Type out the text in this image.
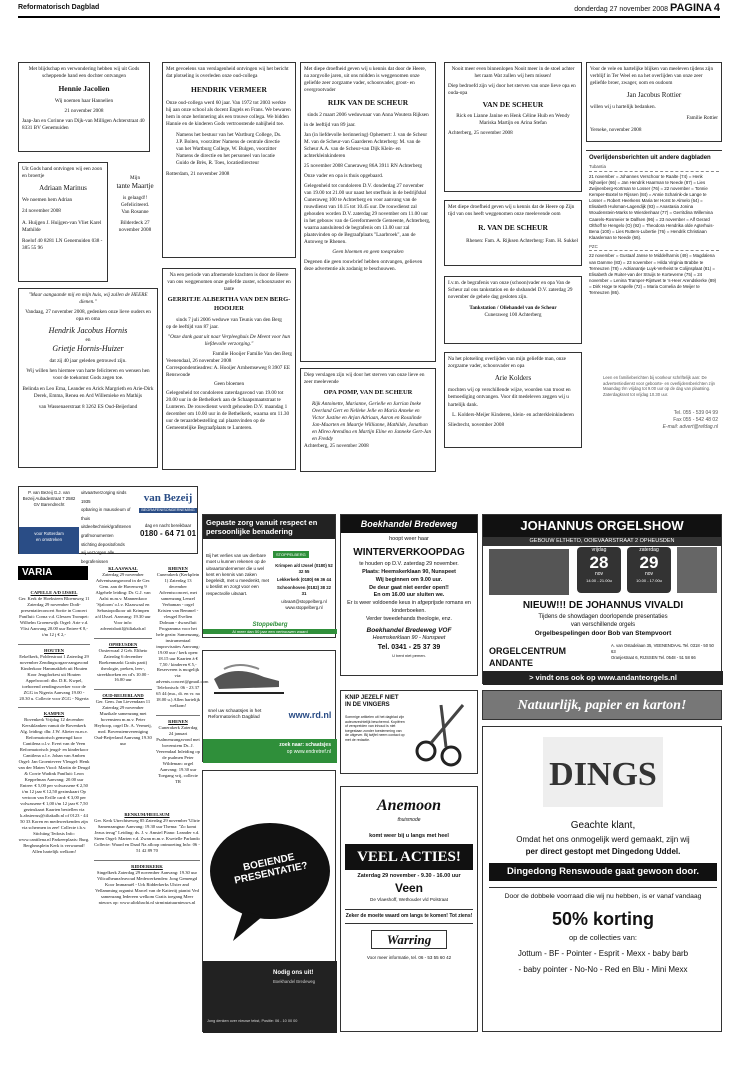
Reformatorisch Dagblad	donderdag 27 november 2008 PAGINA 4
Met blijdschap en verwondering hebben wij uit Gods scheppende hand een dochter ontvangen
Hennie Jacolien
Wij noemen haar Hannelien
21 november 2008
Jaap-Jan en Corinne van Dijk-van Milligen Achterstraat 40 8331 BV Genemuiden
Uit Gods hand ontvingen wij een zoon en broertje
Adriaan Marinus
We noemen hem Adrian
24 november 2008
A. Huijgen J. Huijgen-van Vliet Karel Mathilde
Roelof 40 8281 LN Genemuiden 038 - 385 55 96
Mijn
tante Maartje
is gelaagd!!
Gefeliciteerd.
Van Rosanne
Bilderdeck 27 november 2008
"Maar aangaande mij en mijn huis, wij zullen de HEERE dienen."
Vandaag, 27 november 2008, gedenken onze lieve ouders en opa en oma
Hendrik Jacobus Hornis
en
Grietje Hornis-Huizer
dat zij 40 jaar geleden getrouwd zijn.
Wij willen hen hiermee van harte feliciteren en wensen hen voor de toekomst Gods zegen toe.
Belinda en Leo Erna, Leander en Arick Margrieth en Arie-Dirk Derek, Emma, Renea en Ard Willemieke en Mathijs
van Wassenaerstraat 8 3262 ES Oud-Beijerland
Met gevoelens van verslagenheid ontvingen wij het bericht dat plotseling is overleden onze oud-collega
HENDRIK VERMEER
Onze oud-collega werd 60 jaar. Van 1972 tot 2003 werkte hij aan onze school als docent Engels en Frans. We bewaren hem in onze herinnering als een trouwe collega. We bidden Hannie en de kinderen Gods vertroostende nabijheid toe.
Namens het bestuur van het Wartburg College, Ds. J.P. Boiten, voorzitter Namens de centrale directie van het Wartburg College, W. Bulgen, voorzitter Namens de directie en het personeel van locatie Guido de Brès, R. Toes, locatiedirecteur
Rotterdam, 21 november 2008
Na een periode van afnemende krachten is door de Heere van ons weggenomen onze geliefde zuster, schoonzuster en tante
GERRITJE ALBERTHA VAN DEN BERG-HOOIJER
sinds 7 juli 2006 weduwe van Teunis van den Berg
op de leeftijd van 87 jaar.
"Onze dank gaat uit naar Verpleeghuis De Meent voor hun liefdevolle verzorging."
Familie Hooijer Familie Van den Berg
Veenendaal, 26 november 2008
Correspondentieadres: A. Hooijer Arnhemseweg 8 3907 EE Renswoude
Geen bloemen
Gelegenheid tot condoleren zaterdagavond van 19.00 tot 20.00 uur in de Bethelkerk aan de Schaapsmaatstraat te Lunteren. De rouwdienst wordt gehouden D.V. maandag 1 december om 10.00 uur in de Bethelkerk, waarna om 11.30 uur de teraardebestelling zal plaatsvinden op de Gemeentelijke Begraafplaats te Lunteren.
Met diepe droefheid geven wij u kennis dat door de Heere, na zorgvolle jaren, uit ons midden is weggenomen onze geliefde zeer zorgzame vader, schoonvader, groot- en overgrootvader
RIJK VAN DE SCHEUR
sinds 2 maart 2006 weduwnaar van Anna Woutera Rijksen
in de leeftijd van 89 jaar.
Jan (in liefdevolle herinnering) Ophemert: J. van de Scheur M. van de Scheur-van Gaarderen Achterberg: M. van de Scheur A.A. van de Scheur-van Dijk Klein- en achterkleinkinderen
25 november 2008 Cuneraweg 86A 3911 RN Achterberg
Onze vader en opa is thuis opgebaard.
Gelegenheid tot condoleren D.V. donderdag 27 november van 19.00 tot 21.00 uur naast het sterfhuis in de bedrijfshal Cuneraweg 100 te Achterberg en voor aanvang van de rouwdienst van 10.15 tot 10.45 uur. De rouwdienst zal gehouden worden D.V. zaterdag 29 november om 11.00 uur in het gebouw van de Gereformeerde Gemeente, Achterberg, waarna aansluitend de begrafenis om 13.00 uur zal plaatsvinden op de Begraafplaats "Laarbroek", aan de Autoweg te Rhenen.
Geen bloemen en geen toespraken
Degenen die geen rouwbrief hebben ontvangen, gelieven deze advertentie als zodanig te beschouwen.
Diep verslagen zijn wij door het sterven van onze lieve en zeer meelevende
OPA POMP, VAN DE SCHEUR
Rijk Antoinette, Marianne, Gerielle en Jurrian Ineke Overland Gert en Nelleke Jelle en Maria Anneke en Victor Justine en Arjan Adriaan, Aaron en Rosalinde Jan-Maarten en Maartje Willianne, Mathilde, Jonathan en Mireo Arendina en Martijn Eline en Janneke Gert-Jan en Freddy
Achterberg, 25 november 2008
Nooit meer even binnenlopen Nooit meer in de stoel achter het raam Wat zullen wij hem missen!
Diep bedroefd zijn wij door het sterven van onze lieve opa en ouda-opa
VAN DE SCHEUR
Rick en Lianne Janine en Henk Céline Huib en Wendy Mariska Martijn en Arina Stefan
Achterberg, 25 november 2008
Met diepe droefheid geven wij u kennis dat de Heere op Zijn tijd van ons heeft weggenomen onze meelevende oom
R. VAN DE SCHEUR
Rhenen: Fam. A. Rijksen Achterberg: Fam. H. Sukkel
I.v.m. de begrafenis van onze (schoon)vader en opa Van de Scheur zal ons tankstation en de shshandel D.V. zaterdag 29 november de gehele dag gesloten zijn.
Tankstation / Oliehandel van de Scheur
Cuneraweg 100 Achterberg
Na het plotseling overlijden van mijn geliefde man, onze zorgzame vader, schoonvader en opa
Arie Kolders
mochten wij op verschillende wijze, woorden van troost en bemoediging ontvangen. Voor dit medeleven zeggen wij u hartelijk dank.
L. Kolders-Meijer Kinderen, klein- en achterkleinkinderen
Sliedrecht, november 2008
Voor de vele en hartelijke blijken van meeleven tijdens zijn verblijf in Ter Weel en na het overlijden van onze zeer geliefde broer, zwager, oom en oudoom
Jan Jacobus Rottier
willen wij u hartelijk bedanken.
Familie Rottier
Yerseke, november 2008
Overlijdensberichten uit andere dagbladen
Tubantia
21 november = Johannes Verschoor te Raalte (74) = Henk Nijhoeljer (66) = Jan Hendrik Haarman te Neede (87) = Lies Zwijnenberg-Kortman te Losser (76) = 22 november = Tonnie Kemper-Boxtel te Rijssen (84) = Annie Scharink-de Lange te Losser = Robert Heerkens Maria ter Horst te Almelo (64) = Elisabeth Hulsman-Lagendijk (93) = Anastasia Jonina Woudenstein-Marks te Wierdenhaar (77) = Gerritdina Willemina Caarels-Rosmeier te Dalfsen (96) = 23 november = Alf Gerard Olthoff te Hengelo (O) (92) = Theodora Hendrika olde Agterhuis-Bena (100) = Lies Rutters-Lubertie (76) = Hendrik Christiaan Klaasleman te Neede (66).
PZC
22 november = Gustaaf Janse te Middelharnis (49) = Magdalena van Damme (83) = 23 november = Hilda Virginia Brabbe te Terneuzen (78) = Adrianantje Luyk-Verheist te Colijnsplaat (81) = Elisabeth de Ruiter-van der Struijs te Korteverne (75) = 24 november = Lenina Tramper-Rijntwet te 's-Heer Arendskerke (89) = Dirk Hoge te Kapelle (72) = Maria Cornelia de Meijer te Terneuzen (86).
Leen en familieberichten bij voorkeur schriftelijk aan: De advertentiedienst voor geboorte- en overlijdensberichten zijn Maandag t/m vrijdag tot 9.00 uur op de dag van plaatsing. Zaterdagkrant tot vrijdag 10.30 uur.
Tel. 055 - 539 04 99
Fax 055 - 542 48 02
E-mail: advert@refdag.nl
P. van Bezeij G.J. van Bezeij Aubadestraat 7 2582 GV Barendrecht
voor Rotterdam
en omstreken
uitvaartverzorging sinds 1935
opbaring in mausoleum of thuis
uitdeeltechniek/grafstenen
grafmonumenten
stichting depositofonds
wij verzorgen alle begrafenissen
van Bezeij
BEGRAFENISONDERNEMING
dag en nacht bereikbaar
0180 - 64 71 01
VARIA
CAPELLE A/D IJSSEL
Ger. Kerk de Hoeksteen Bloemweg 11 Zaterdag 29 november Dodi-presentatieconcert Sortie in Concert Panfluit: Corna v.d. Glessen Trompet: Wilhelm Groenewijk Orgel: Arie v.d. Vlist Aanvang 20.00 uur Entree € 8,- t/m 12 j € 2,-
HOUTEN
Eekelkerk, Polderstraat 1 Zaterdag 29 november Zendingsorgan-zangavond Kinderkoor Hammaklieb uit Houten Koor Jeugdorkest uit Houten Appelwoord: dhr. D.K. Kwpel, toehorend zendingswerker voor de ZGG in Nigeria Aanvang 19.00 - 20.30 u. Collecte voor ZGG - Nigeria
KAMPEN
Bovenkerk Vrijdag 12 december Kerstklanken vanuit de Bovenkerk Alg. leiding: dhr. J.W. Alteter m.m.v. Reformatorisch gemengd koor Cantilena o.l.v. Evert van de Veen Reformatorisch jeugd- en kinderkoor Cantilena o.l.v. Johan van Amben Orgel: Jan Groenteveer Vleugel: Henk van der Maten Viool: Martin de Deugd & Corrie Wadink Panfluit: Leon Keppelman Aanvang: 20.00 uur Entree: € 5,00 per volwassene € 2,50 t/m 12 jaar € 12,50 gezinskaart Op vertoon van Eville card: € 3,00 per volwassene € 1,00 t/m 12 jaar € 7,50 gezinskaart Kaarten bestellen via k.absterrus@tiliakalb.nl of 0123 - 44 50 33 Koren en medewerkenden zijn via schermen in zee! Collecte t.b.v. Stichting Tedosis Info: www.cantilena.nl Parkeerplaats: Burg. Berghmsplein Kerk is verwarmd! Allen hartelijk welkom!
KLAASWAAL
Zaterdag 29 november Adventszangavond in de Ger. Gem. aan de Havenweg 9 Algehele leiding: Dr. G.J. van Aalst m.m.v. Mannenkoor 'Sjaloom' o.l.v. Klaaswaal en Sebastopolkoor uit Krimpen a/d IJssel. Aanvang: 19.30 uur Voor info: adventsbottl@tiliakab.nl
OPHEUSDEN
Oosterwaal 2 Geb. Eltheto Zaterdag 6 december Boekenmarkt Gratis parti) theologie, preken, lees-, streekboeken en cd's 10.00 - 16.00 uur
OUD-BEIJERLAND
Ger. Gem. Jan Lievendaan 11 Zaterdag 29 november Muzikale samenzang met bovenstem m.m.v. Peter Heyboop, orgel Dr. A. Vermeij, mrd. Bovenstemvereniging Oud-Beijerland Aanvang 19.30 uur
RHENEN
Cunerakerk (Kerkplein 1) Zaterdag 13 december Adventsconcert, met samenzang Lenzel Verbaman - orgel Kristen van Bemmel - vleugel Evelien Dolman - dwarsfluit Programma voor het hele gezin: Samenzang, instrumentaal improvisaties Aanvang: 19.00 uur / kerk open: 18.15 uur Kaarten à € 7,50 / kinderen € 5,- Reserveren is mogelijk via: advents.concert@gmail.com Telefonisch: 06 - 23 37 65 44 (ma., di. en vr. na 18.00 u.) Allen hartelijk welkom!
RHENEN
Cunerakerk Zaterdag 24 januari Psalmenzangavond met bovenstem Ds. J. Veerendaal Inleiding op de psalmen Peter Wildeman: orgel Aanvang: 19.30 uur Toegang vrij, collecte TR
RENKUM/HEELSUM
Ger. Kerk Utrechtseweg 85 Zaterdag 29 november 'Ultrie Samenzangnar Aanvang: 19.30 uur Thema: "Zo komt Jezus terug" Leiding: ds. J. v. Amstel Piano: Leander v.d. Steen Orgel: Marten v.d. Zwan m.m.v. Kwetelle Parlando Collecte: Waard en Daad Na afloop ontmoeting Info: 06 - 51 42 89 70
RIDDERKERK
Singelkerk Zaterdag 29 november Aanvang: 19.30 uur Viltcafheunzfeavoud Medewerkenden: Jong Gemengd Koor Immanuël - Urk Ridderkerks Ulster and Vellamming organist Marcel van de Kattertij pianist Ved samenzang Iedereen welkom Gratis toegang Meer nieuws op: www.ulirkbachi.nl strminiatuurnieuws.nl
Gepaste zorg vanuit respect en persoonlijke benadering
STOPPELBERG
Bij het verlies van uw dierbare moet u kunnen rekenen op de uitvaartondernemer die u wel kent en kennis van zaken begeleidt, met u meedenkt, met u beslist en zorgt voor een respectvolle uitvaart.
Krimpen a/d IJssel (0180) 52 32 55
Lekkerkerk (0180) 66 36 44
Schoonhoven (0182) 38 22 31
uitvaart@stoppelberg.nl www.stoppelberg.nl
Stoppelberg
Al meer dan 50 jaar een vertrouwen waard
snel uw schaatsjes in het Reformatorisch Dagblad	www.rd.nl
zoek naar: schaatsjes
op www.endretref.nl
BOEIENDE PRESENTATIE?
Nodig ons uit!
Boekhandel Bredeweg
Jong denken over nieuwe tekst, Positie: 06 - 10 00 00
Boekhandel Bredeweg
hoopt weer haar
WINTERVERKOOPDAG
te houden op D.V. zaterdag 29 november.
Plaats: Heemskerklaan 90, Nunspeet
Wij beginnen om 9.00 uur.
De deur gaat niet eerder open!!
En om 16.00 uur sluiten we.
Er is weer voldoende keus in afgeprijsde romans en kinderboeken.
Verder tweedehands theologie, enz.
Boekhandel Bredeweg VOF
Heemskerklaan 90 - Nunspeet
Tel. 0341 - 25 37 39
U bent niet pemen.
KNIP JEZELF NIET IN DE VINGERS
Sommige artikelen uit het dagblad zijn auteursrechtelijk beschermd. Kopiëren of verspreiden van inhoud is niet toegestaan zonder toestemming van de uitgever. Bij twijfel neem contact op met de redactie.
Anemoon
thuismode
komt weer bij u langs met heel
VEEL ACTIES!
Zaterdag 29 november - 9.30 - 16.00 uur
Veen
De Vlaeshoff, Wethouder v/d Polstraat
Zeker de moeite waard om langs te komen! Tot ziens!
Warring
Voor meer informatie, tel. 06 - 53 55 60 42
JOHANNUS ORGELSHOW
GEBOUW ELTHETO, OOIEVAARSTRAAT 2 OPHEUSDEN
vrijdag
28
nov
14.00 - 21.00u
zaterdag
29
nov
10.00 - 17.00u
NIEUW!!! DE JOHANNUS VIVALDI
Tijdens de showdagen doorlopende presentaties
van verschillende orgels
Orgelbespelingen door Bob van Stempvoort
ORGELCENTRUM ANDANTE
A. van Ostadelaan 35, VEENENDAAL Tel. 0318 - 50 50 63
Oranjestraat 6, RIJSSEN Tel. 0548 - 51 58 66
> vindt ons ook op www.andanteorgels.nl
Natuurlijk, papier en karton!
DINGS
Geachte klant,
Omdat het ons onmogelijk werd gemaakt, zijn wij
per direct gestopt met Dingedong Uddel.
Dingedong Renswoude gaat gewoon door.
Door de dobbele voorraad die wij nu hebben, is er vanaf vandaag
50% korting
op de collecties van:
Jottum - BF - Pointer - Esprit - Mexx - baby barb
- baby pointer - No-No - Red en Blu - Mini Mexx
